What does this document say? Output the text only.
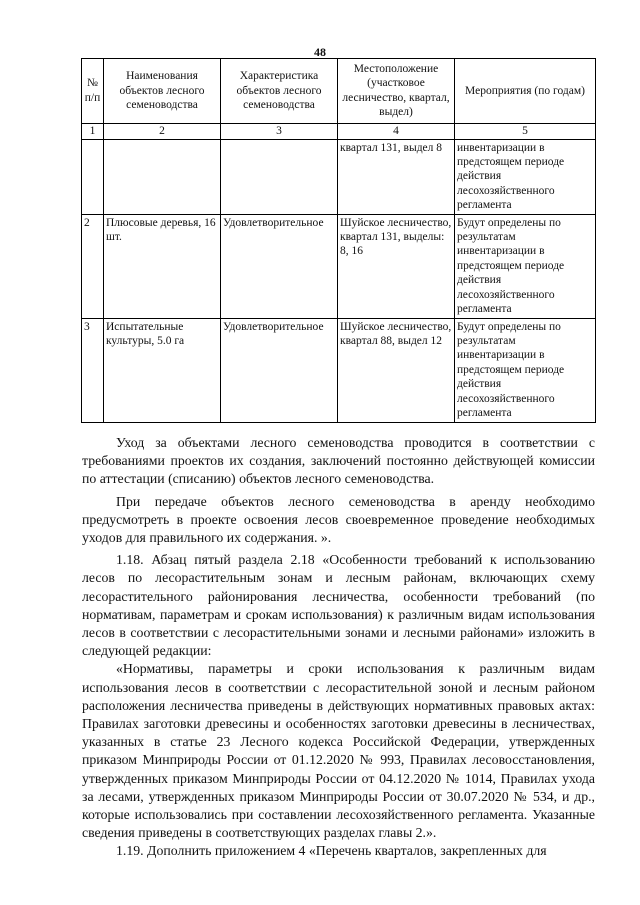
48
№ п/п	Наименования объектов лесного семеноводства	Характеристика объектов лесного семеноводства	Местоположение (участковое лесничество, квартал, выдел)	Мероприятия (по годам)
1	2	3	4	5
			квартал 131, выдел 8	инвентаризации в предстоящем периоде действия лесохозяйственного регламента
2	Плюсовые деревья, 16 шт.	Удовлетворительное	Шуйское лесничество, квартал 131, выделы: 8, 16	Будут определены по результатам инвентаризации в предстоящем периоде действия лесохозяйственного регламента
3	Испытательные культуры, 5.0 га	Удовлетворительное	Шуйское лесничество, квартал 88, выдел 12	Будут определены по результатам инвентаризации в предстоящем периоде действия лесохозяйственного регламента

Уход за объектами лесного семеноводства проводится в соответствии с требованиями проектов их создания, заключений постоянно действующей комиссии по аттестации (списанию) объектов лесного семеноводства.

При передаче объектов лесного семеноводства в аренду необходимо предусмотреть в проекте освоения лесов своевременное проведение необходимых уходов для правильного их содержания. ».

1.18. Абзац пятый раздела 2.18 «Особенности требований к использованию лесов по лесорастительным зонам и лесным районам, включающих схему лесорастительного районирования лесничества, особенности требований (по нормативам, параметрам и срокам использования) к различным видам использования лесов в соответствии с лесорастительными зонами и лесными районами» изложить в следующей редакции:

«Нормативы, параметры и сроки использования к различным видам использования лесов в соответствии с лесорастительной зоной и лесным районом расположения лесничества приведены в действующих нормативных правовых актах: Правилах заготовки древесины и особенностях заготовки древесины в лесничествах, указанных в статье 23 Лесного кодекса Российской Федерации, утвержденных приказом Минприроды России от 01.12.2020 № 993, Правилах лесовосстановления, утвержденных приказом Минприроды России от 04.12.2020 № 1014, Правилах ухода за лесами, утвержденных приказом Минприроды России от 30.07.2020 № 534, и др., которые использовались при составлении лесохозяйственного регламента. Указанные сведения приведены в соответствующих разделах главы 2.».

1.19. Дополнить приложением 4 «Перечень кварталов, закрепленных для
